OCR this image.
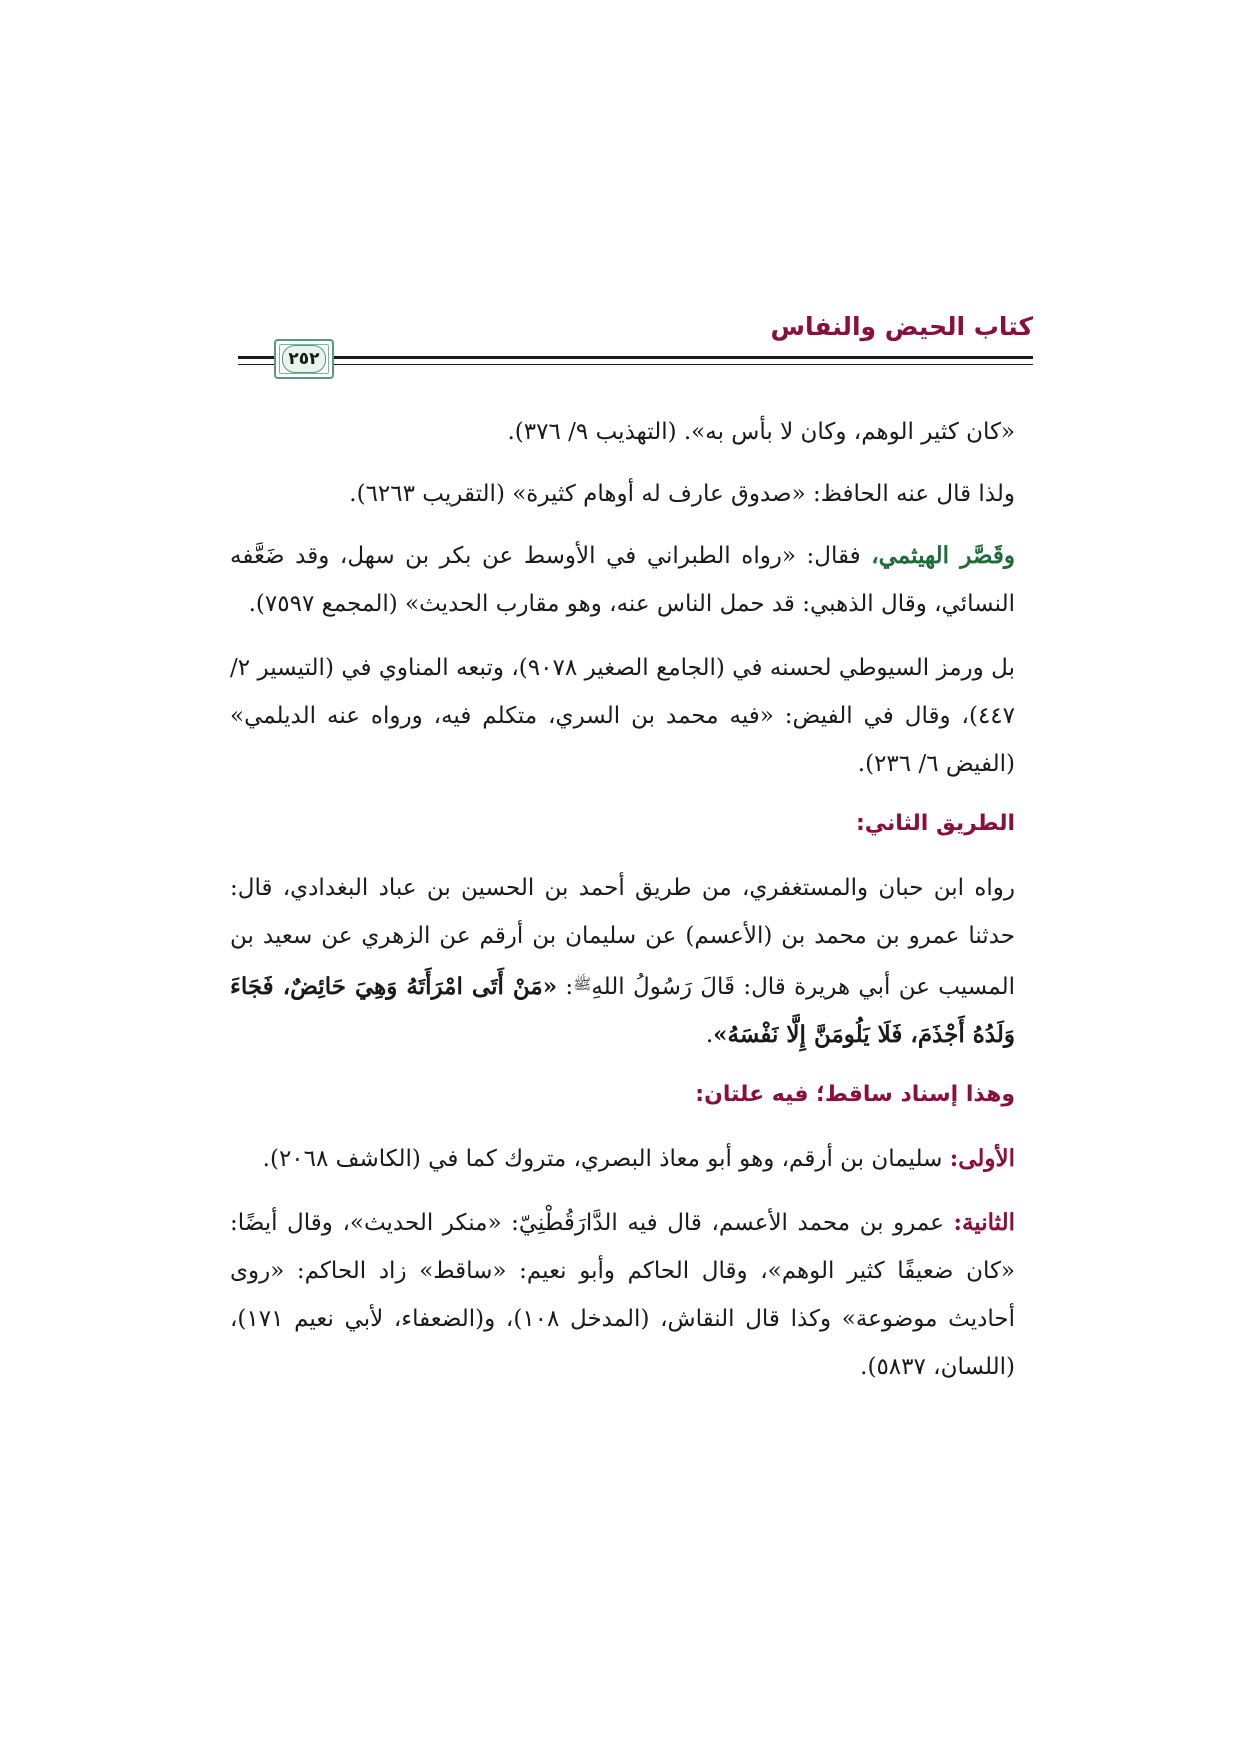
كتاب الحيض والنفاس
٢٥٢

«كان كثير الوهم، وكان لا بأس به». (التهذيب ٩/ ٣٧٦).

ولذا قال عنه الحافظ: «صدوق عارف له أوهام كثيرة» (التقريب ٦٢٦٣).

وقَصَّر الهيثمي، فقال: «رواه الطبراني في الأوسط عن بكر بن سهل، وقد ضَعَّفه النسائي، وقال الذهبي: قد حمل الناس عنه، وهو مقارب الحديث» (المجمع ٧٥٩٧).

بل ورمز السيوطي لحسنه في (الجامع الصغير ٩٠٧٨)، وتبعه المناوي في (التيسير ٢/ ٤٤٧)، وقال في الفيض: «فيه محمد بن السري، متكلم فيه، ورواه عنه الديلمي» (الفيض ٦/ ٢٣٦).

الطريق الثاني:

رواه ابن حبان والمستغفري، من طريق أحمد بن الحسين بن عباد البغدادي، قال: حدثنا عمرو بن محمد بن (الأعسم) عن سليمان بن أرقم عن الزهري عن سعيد بن المسيب عن أبي هريرة قال: قَالَ رَسُولُ اللهِ$^ﷺ$: «مَنْ أَتَى امْرَأَتَهُ وَهِيَ حَائِضٌ، فَجَاءَ وَلَدُهُ أَجْذَمَ، فَلَا يَلُومَنَّ إِلَّا نَفْسَهُ».

وهذا إسناد ساقط؛ فيه علتان:

الأولى: سليمان بن أرقم، وهو أبو معاذ البصري، متروك كما في (الكاشف ٢٠٦٨).

الثانية: عمرو بن محمد الأعسم، قال فيه الدَّارَقُطْنِيّ: «منكر الحديث»، وقال أيضًا: «كان ضعيفًا كثير الوهم»، وقال الحاكم وأبو نعيم: «ساقط» زاد الحاكم: «روى أحاديث موضوعة» وكذا قال النقاش، (المدخل ١٠٨)، و(الضعفاء، لأبي نعيم ١٧١)، (اللسان، ٥٨٣٧).
